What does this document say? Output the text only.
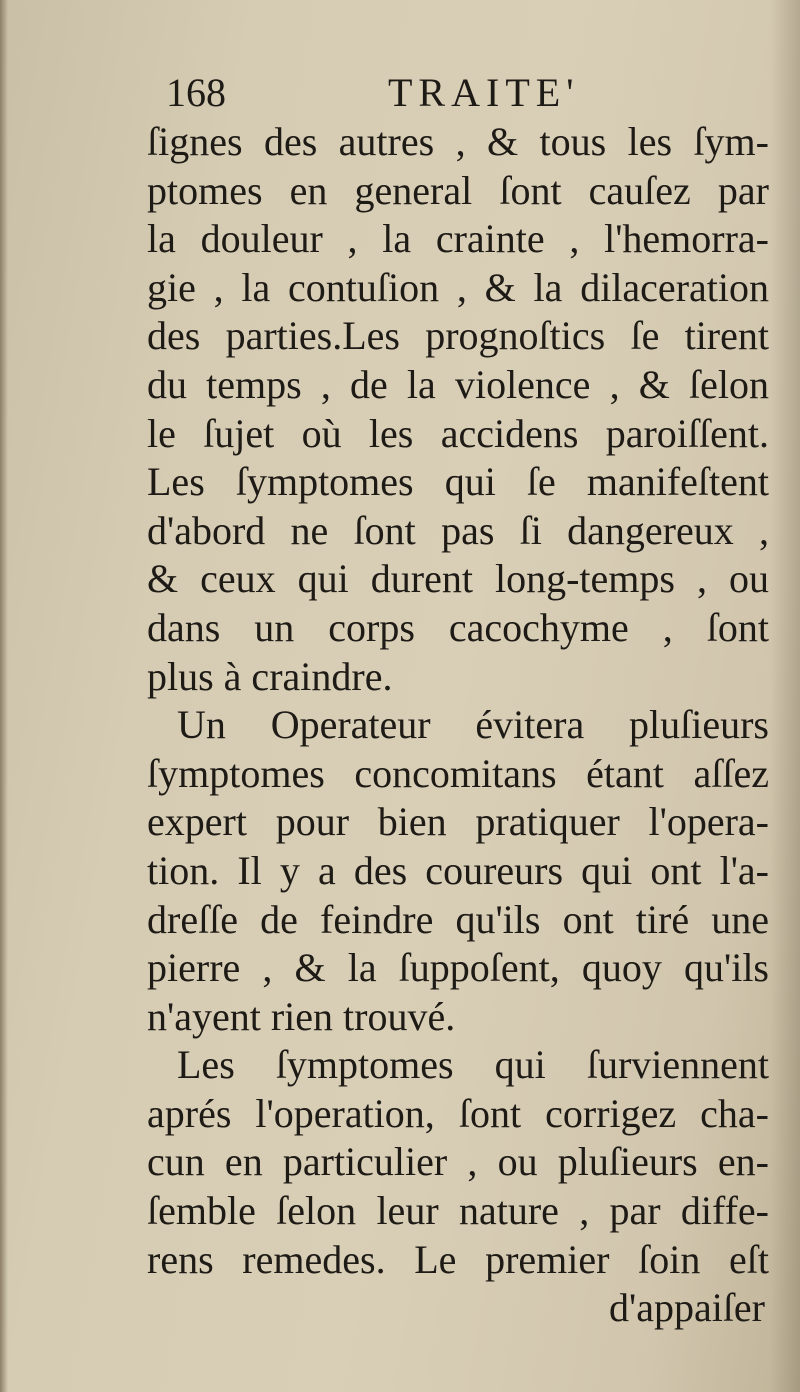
168	TRAITE'
ſignes des autres , & tous les ſym-
ptomes en general ſont cauſez par
la douleur , la crainte , l'hemorra-
gie , la contuſion , & la dilaceration
des parties.Les prognoſtics ſe tirent
du temps , de la violence , & ſelon
le ſujet où les accidens paroiſſent.
Les ſymptomes qui ſe manifeſtent
d'abord ne ſont pas ſi dangereux ,
& ceux qui durent long-temps , ou
dans un corps cacochyme , ſont
plus à craindre.
Un Operateur évitera pluſieurs
ſymptomes concomitans étant aſſez
expert pour bien pratiquer l'opera-
tion. Il y a des coureurs qui ont l'a-
dreſſe de feindre qu'ils ont tiré une
pierre , & la ſuppoſent, quoy qu'ils
n'ayent rien trouvé.
Les ſymptomes qui ſurviennent
aprés l'operation, ſont corrigez cha-
cun en particulier , ou pluſieurs en-
ſemble ſelon leur nature , par diffe-
rens remedes. Le premier ſoin eſt
d'appaiſer
